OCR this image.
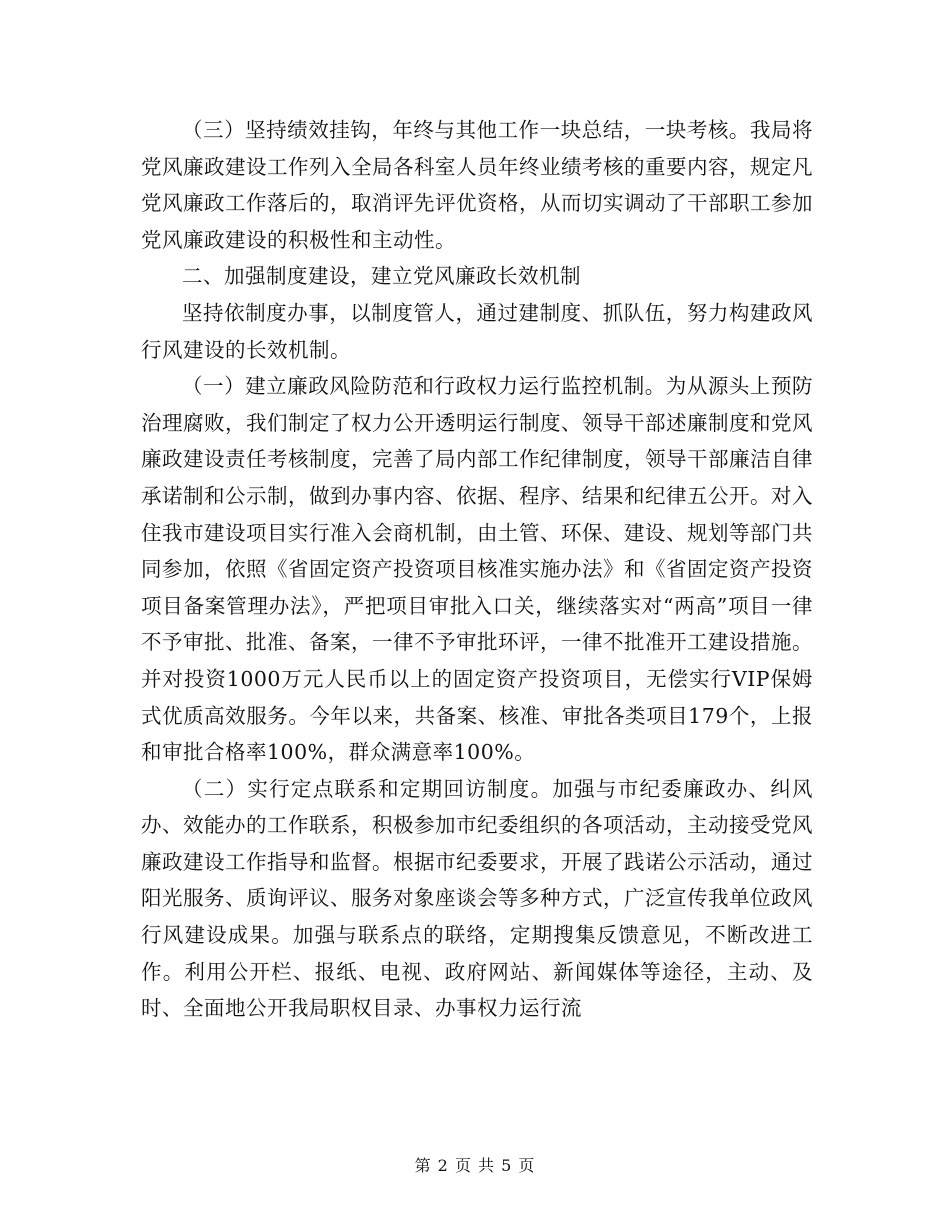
（三）坚持绩效挂钩，年终与其他工作一块总结，一块考核。我局将党风廉政建设工作列入全局各科室人员年终业绩考核的重要内容，规定凡党风廉政工作落后的，取消评先评优资格，从而切实调动了干部职工参加党风廉政建设的积极性和主动性。

二、加强制度建设，建立党风廉政长效机制

坚持依制度办事，以制度管人，通过建制度、抓队伍，努力构建政风行风建设的长效机制。

（一）建立廉政风险防范和行政权力运行监控机制。为从源头上预防治理腐败，我们制定了权力公开透明运行制度、领导干部述廉制度和党风廉政建设责任考核制度，完善了局内部工作纪律制度，领导干部廉洁自律承诺制和公示制，做到办事内容、依据、程序、结果和纪律五公开。对入住我市建设项目实行准入会商机制，由土管、环保、建设、规划等部门共同参加，依照《省固定资产投资项目核准实施办法》和《省固定资产投资项目备案管理办法》，严把项目审批入口关，继续落实对“两高”项目一律不予审批、批准、备案，一律不予审批环评，一律不批准开工建设措施。并对投资1000万元人民币以上的固定资产投资项目，无偿实行VIP保姆式优质高效服务。今年以来，共备案、核准、审批各类项目179个，上报和审批合格率100%，群众满意率100%。

（二）实行定点联系和定期回访制度。加强与市纪委廉政办、纠风办、效能办的工作联系，积极参加市纪委组织的各项活动，主动接受党风廉政建设工作指导和监督。根据市纪委要求，开展了践诺公示活动，通过阳光服务、质询评议、服务对象座谈会等多种方式，广泛宣传我单位政风行风建设成果。加强与联系点的联络，定期搜集反馈意见，不断改进工作。利用公开栏、报纸、电视、政府网站、新闻媒体等途径，主动、及时、全面地公开我局职权目录、办事权力运行流

第 2 页 共 5 页
